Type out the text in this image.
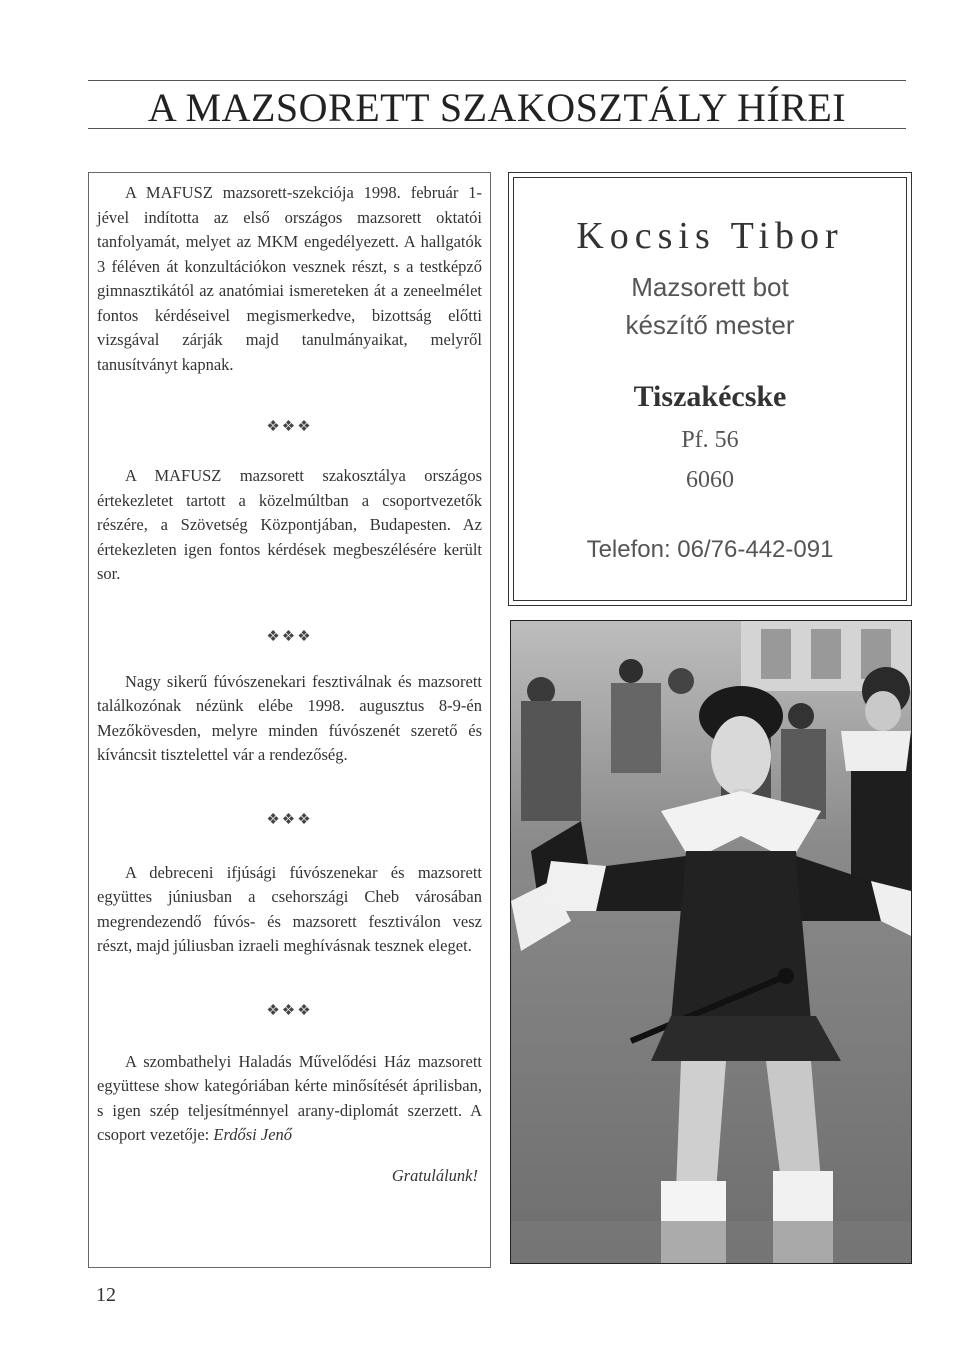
A MAZSORETT SZAKOSZTÁLY HÍREI

A MAFUSZ mazsorett-szekciója 1998. február 1-jével indította az első országos mazsorett oktatói tanfolyamát, melyet az MKM engedélyezett. A hallgatók 3 féléven át konzultációkon vesznek részt, s a testképző gimnasztikától az anatómiai ismereteken át a zeneelmélet fontos kérdéseivel megismerkedve, bizottság előtti vizsgával zárják majd tanulmányaikat, melyről tanusítványt kapnak.

❖❖❖

A MAFUSZ mazsorett szakosztálya országos értekezletet tartott a közelmúltban a csoportvezetők részére, a Szövetség Központjában, Budapesten. Az értekezleten igen fontos kérdések megbeszélésére került sor.

❖❖❖

Nagy sikerű fúvószenekari fesztiválnak és mazsorett találkozónak nézünk elébe 1998. augusztus 8-9-én Mezőkövesden, melyre minden fúvószenét szerető és kíváncsit tisztelettel vár a rendezőség.

❖❖❖

A debreceni ifjúsági fúvószenekar és mazsorett együttes júniusban a csehországi Cheb városában megrendezendő fúvós- és mazsorett fesztiválon vesz részt, majd júliusban izraeli meghívásnak tesznek eleget.

❖❖❖

A szombathelyi Haladás Művelődési Ház mazsorett együttese show kategóriában kérte minősítését áprilisban, s igen szép teljesítménnyel arany-diplomát szerzett. A csoport vezetője: Erdősi Jenő

Gratulálunk!

Kocsis Tibor
Mazsorett bot
készítő mester
Tiszakécske
Pf. 56
6060
Telefon: 06/76-442-091
12
